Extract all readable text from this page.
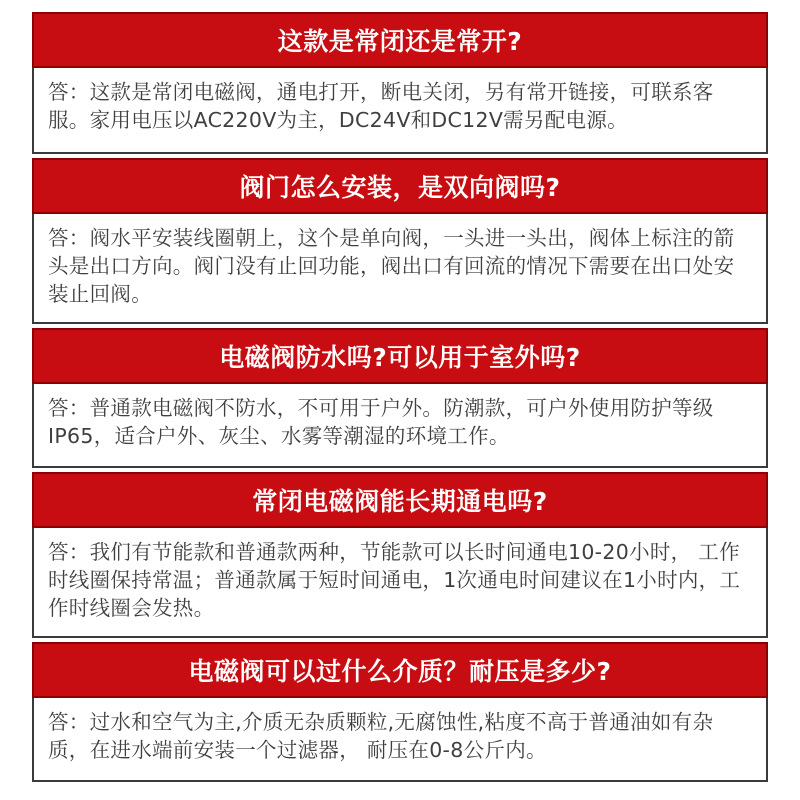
这款是常闭还是常开?
答：这款是常闭电磁阀，通电打开，断电关闭，另有常开链接，可联系客服。家用电压以AC220V为主，DC24V和DC12V需另配电源。
阀门怎么安装，是双向阀吗?
答：阀水平安装线圈朝上，这个是单向阀，一头进一头出，阀体上标注的箭头是出口方向。阀门没有止回功能，阀出口有回流的情况下需要在出口处安装止回阀。
电磁阀防水吗?可以用于室外吗?
答：普通款电磁阀不防水，不可用于户外。防潮款，可户外使用防护等级IP65，适合户外、灰尘、水雾等潮湿的环境工作。
常闭电磁阀能长期通电吗?
答：我们有节能款和普通款两种，节能款可以长时间通电10-20小时， 工作时线圈保持常温；普通款属于短时间通电，1次通电时间建议在1小时内，工作时线圈会发热。
电磁阀可以过什么介质？耐压是多少?
答：过水和空气为主,介质无杂质颗粒,无腐蚀性,粘度不高于普通油如有杂质，在进水端前安装一个过滤器， 耐压在0-8公斤内。
